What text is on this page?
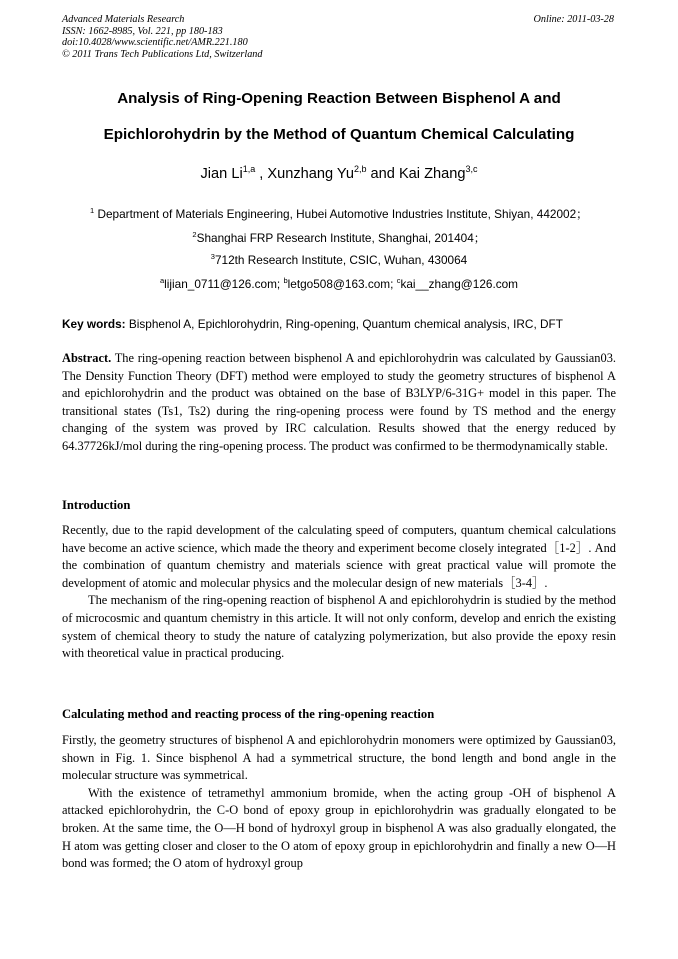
Advanced Materials Research
ISSN: 1662-8985, Vol. 221, pp 180-183
doi:10.4028/www.scientific.net/AMR.221.180
© 2011 Trans Tech Publications Ltd, Switzerland
Online: 2011-03-28
Analysis of Ring-Opening Reaction Between Bisphenol A and
Epichlorohydrin by the Method of Quantum Chemical Calculating
Jian Li$^{1,a}$ , Xunzhang Yu$^{2,b}$ and Kai Zhang$^{3,c}$
$^1$ Department of Materials Engineering, Hubei Automotive Industries Institute, Shiyan, 442002；
$^2$Shanghai FRP Research Institute, Shanghai, 201404；
$^3$712th Research Institute, CSIC, Wuhan, 430064
$^a$lijian_0711@126.com; $^b$letgo508@163.com; $^c$kai__zhang@126.com
Key words: Bisphenol A, Epichlorohydrin, Ring-opening, Quantum chemical analysis, IRC, DFT

Abstract. The ring-opening reaction between bisphenol A and epichlorohydrin was calculated by Gaussian03. The Density Function Theory (DFT) method were employed to study the geometry structures of bisphenol A and epichlorohydrin and the product was obtained on the base of B3LYP/6-31G+ model in this paper. The transitional states (Ts1, Ts2) during the ring-opening process were found by TS method and the energy changing of the system was proved by IRC calculation. Results showed that the energy reduced by 64.37726kJ/mol during the ring-opening process. The product was confirmed to be thermodynamically stable.

Introduction

Recently, due to the rapid development of the calculating speed of computers, quantum chemical calculations have become an active science, which made the theory and experiment become closely integrated［1-2］. And the combination of quantum chemistry and materials science with great practical value will promote the development of atomic and molecular physics and the molecular design of new materials［3-4］.

The mechanism of the ring-opening reaction of bisphenol A and epichlorohydrin is studied by the method of microcosmic and quantum chemistry in this article. It will not only conform, develop and enrich the existing system of chemical theory to study the nature of catalyzing polymerization, but also provide the epoxy resin with theoretical value in practical producing.

Calculating method and reacting process of the ring-opening reaction

Firstly, the geometry structures of bisphenol A and epichlorohydrin monomers were optimized by Gaussian03, shown in Fig. 1. Since bisphenol A had a symmetrical structure, the bond length and bond angle in the molecular structure was symmetrical.

With the existence of tetramethyl ammonium bromide, when the acting group -OH of bisphenol A attacked epichlorohydrin, the C-O bond of epoxy group in epichlorohydrin was gradually elongated to be broken. At the same time, the O—H bond of hydroxyl group in bisphenol A was also gradually elongated, the H atom was getting closer and closer to the O atom of epoxy group in epichlorohydrin and finally a new O—H bond was formed; the O atom of hydroxyl group
